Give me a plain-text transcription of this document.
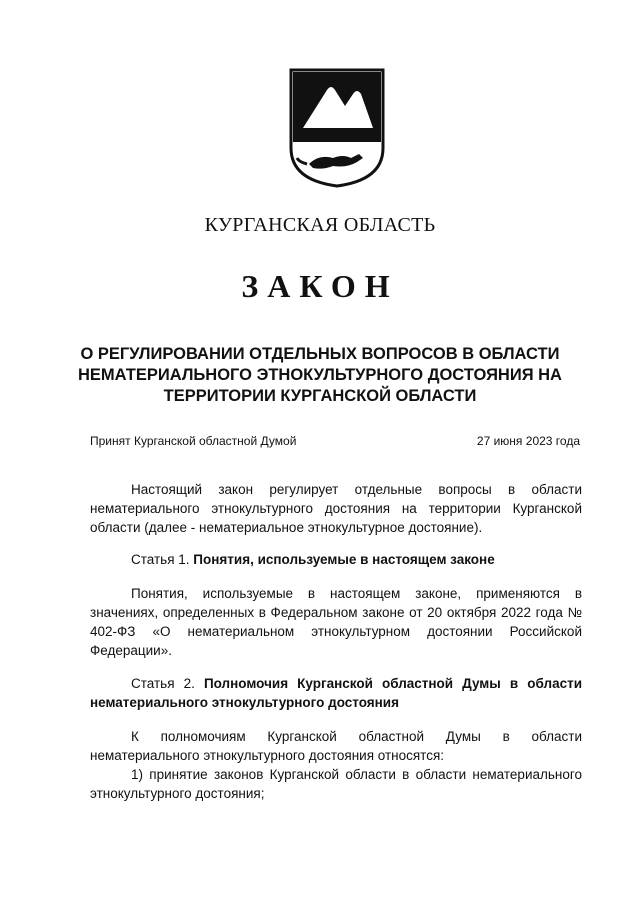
КУРГАНСКАЯ ОБЛАСТЬ
ЗАКОН
О РЕГУЛИРОВАНИИ ОТДЕЛЬНЫХ ВОПРОСОВ В ОБЛАСТИ НЕМАТЕРИАЛЬНОГО ЭТНОКУЛЬТУРНОГО ДОСТОЯНИЯ НА ТЕРРИТОРИИ КУРГАНСКОЙ ОБЛАСТИ
Принят Курганской областной Думой	27 июня 2023 года

Настоящий закон регулирует отдельные вопросы в области нематериального этнокультурного достояния на территории Курганской области (далее - нематериальное этнокультурное достояние).

Статья 1. Понятия, используемые в настоящем законе

Понятия, используемые в настоящем законе, применяются в значениях, определенных в Федеральном законе от 20 октября 2022 года № 402-ФЗ «О нематериальном этнокультурном достоянии Российской Федерации».

Статья 2. Полномочия Курганской областной Думы в области нематериального этнокультурного достояния

К полномочиям Курганской областной Думы в области нематериального этнокультурного достояния относятся:

1) принятие законов Курганской области в области нематериального этнокультурного достояния;
